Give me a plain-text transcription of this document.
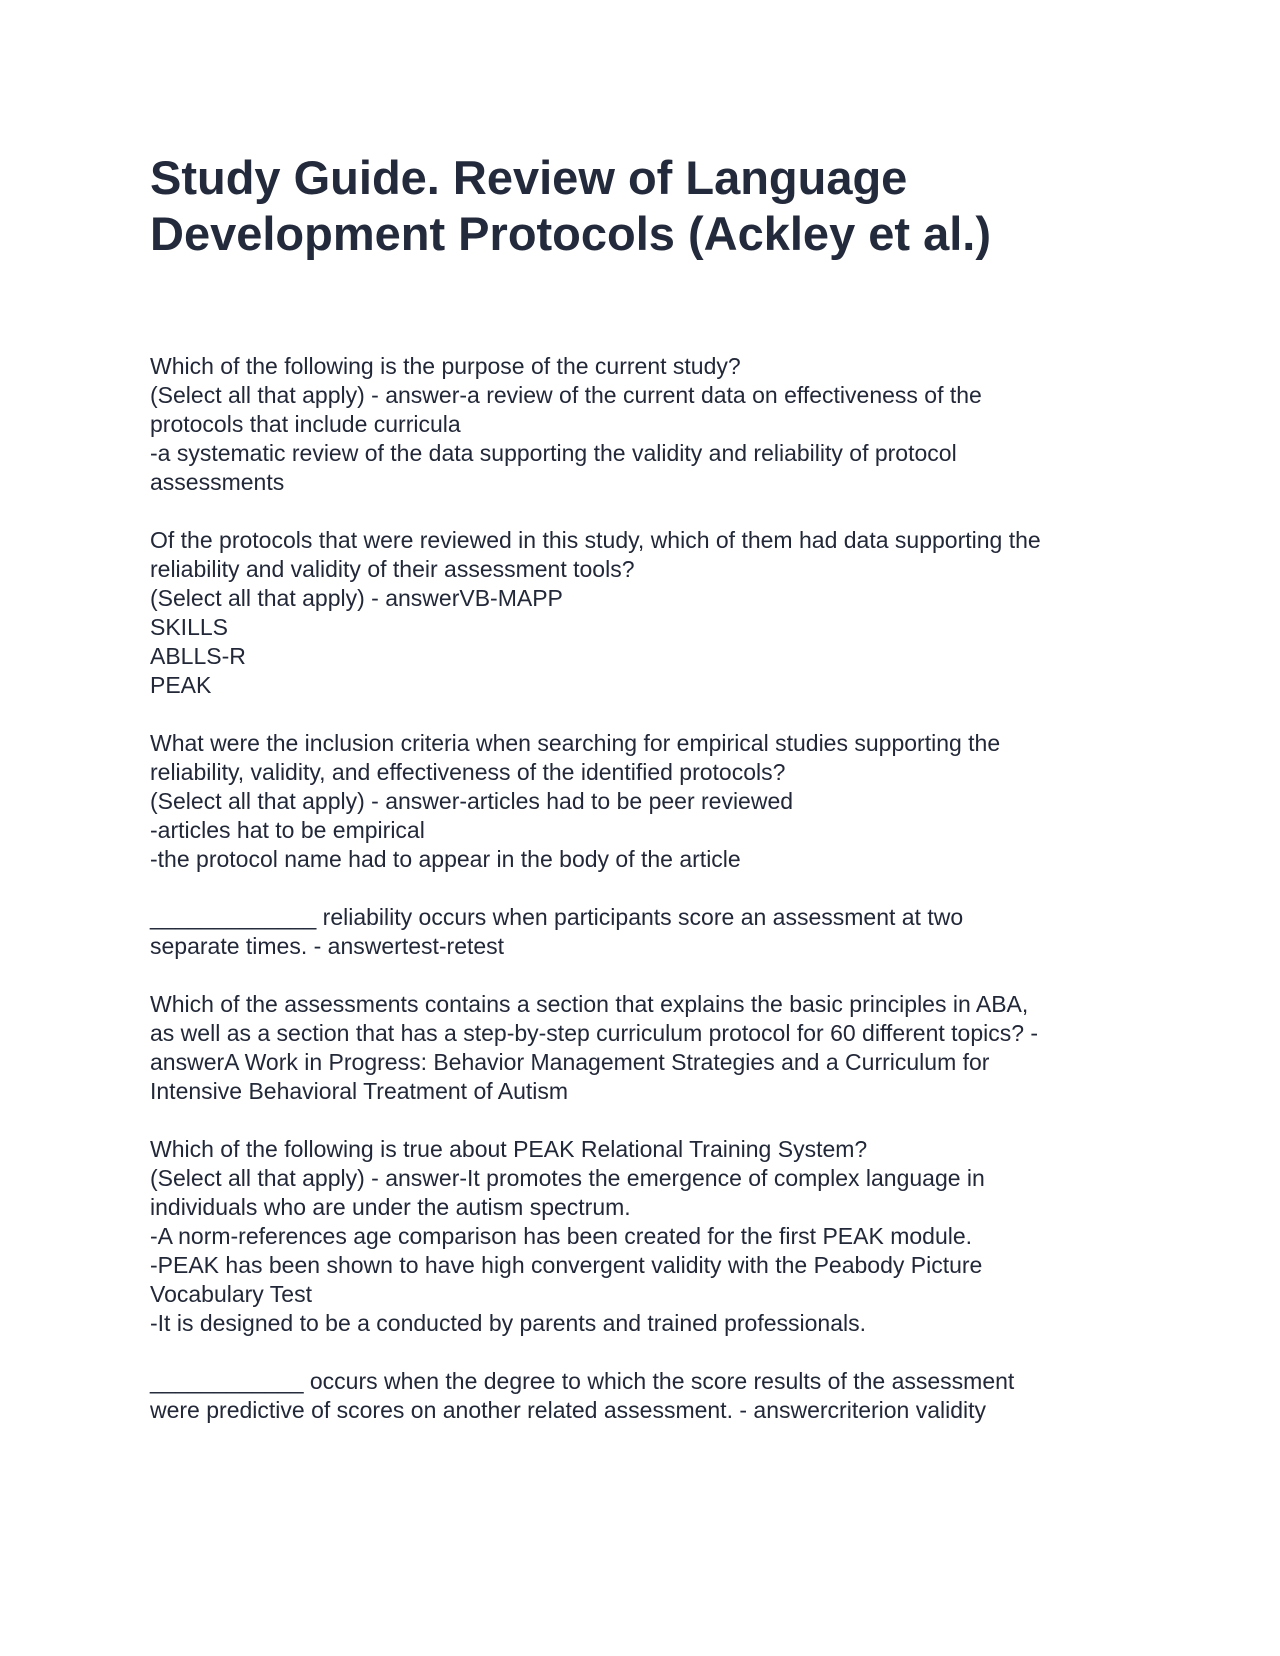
Study Guide. Review of Language Development Protocols (Ackley et al.)
Which of the following is the purpose of the current study?
(Select all that apply) - answer-a review of the current data on effectiveness of the
protocols that include curricula
-a systematic review of the data supporting the validity and reliability of protocol
assessments
Of the protocols that were reviewed in this study, which of them had data supporting the
reliability and validity of their assessment tools?
(Select all that apply) - answerVB-MAPP
SKILLS
ABLLS-R
PEAK
What were the inclusion criteria when searching for empirical studies supporting the
reliability, validity, and effectiveness of the identified protocols?
(Select all that apply) - answer-articles had to be peer reviewed
-articles hat to be empirical
-the protocol name had to appear in the body of the article
_____________ reliability occurs when participants score an assessment at two
separate times. - answertest-retest
Which of the assessments contains a section that explains the basic principles in ABA,
as well as a section that has a step-by-step curriculum protocol for 60 different topics? -
answerA Work in Progress: Behavior Management Strategies and a Curriculum for
Intensive Behavioral Treatment of Autism
Which of the following is true about PEAK Relational Training System?
(Select all that apply) - answer-It promotes the emergence of complex language in
individuals who are under the autism spectrum.
-A norm-references age comparison has been created for the first PEAK module.
-PEAK has been shown to have high convergent validity with the Peabody Picture
Vocabulary Test
-It is designed to be a conducted by parents and trained professionals.
____________ occurs when the degree to which the score results of the assessment
were predictive of scores on another related assessment. - answercriterion validity
